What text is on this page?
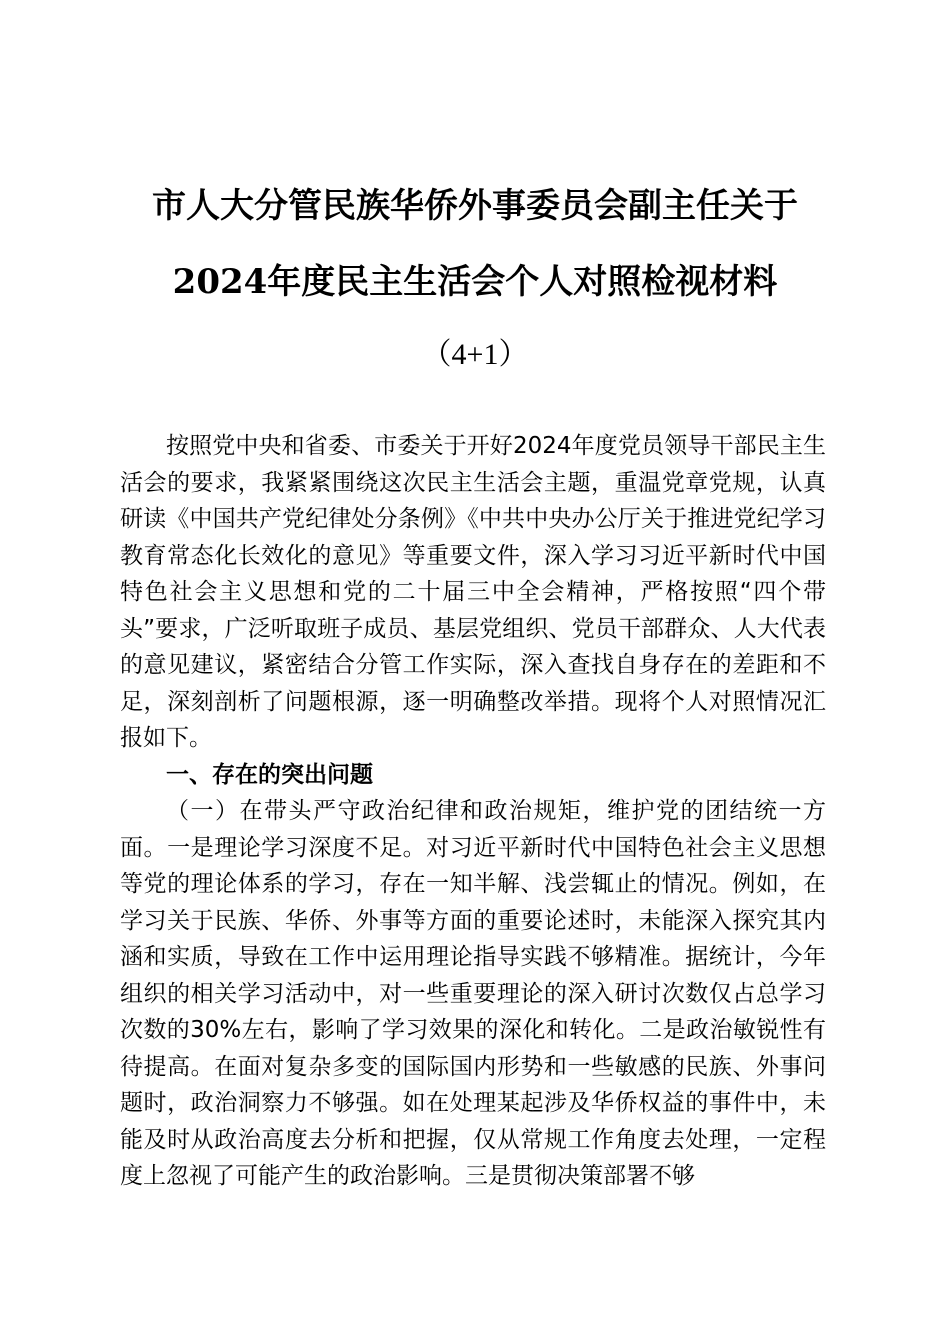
市人大分管民族华侨外事委员会副主任关于
2024年度民主生活会个人对照检视材料
（4+1）

按照党中央和省委、市委关于开好2024年度党员领导干部民主生活会的要求，我紧紧围绕这次民主生活会主题，重温党章党规，认真研读《中国共产党纪律处分条例》《中共中央办公厅关于推进党纪学习教育常态化长效化的意见》等重要文件，深入学习习近平新时代中国特色社会主义思想和党的二十届三中全会精神，严格按照“四个带头”要求，广泛听取班子成员、基层党组织、党员干部群众、人大代表的意见建议，紧密结合分管工作实际，深入查找自身存在的差距和不足，深刻剖析了问题根源，逐一明确整改举措。现将个人对照情况汇报如下。

一、存在的突出问题

（一）在带头严守政治纪律和政治规矩，维护党的团结统一方面。一是理论学习深度不足。对习近平新时代中国特色社会主义思想等党的理论体系的学习，存在一知半解、浅尝辄止的情况。例如，在学习关于民族、华侨、外事等方面的重要论述时，未能深入探究其内涵和实质，导致在工作中运用理论指导实践不够精准。据统计，今年组织的相关学习活动中，对一些重要理论的深入研讨次数仅占总学习次数的30%左右，影响了学习效果的深化和转化。二是政治敏锐性有待提高。在面对复杂多变的国际国内形势和一些敏感的民族、外事问题时，政治洞察力不够强。如在处理某起涉及华侨权益的事件中，未能及时从政治高度去分析和把握，仅从常规工作角度去处理，一定程度上忽视了可能产生的政治影响。三是贯彻决策部署不够
